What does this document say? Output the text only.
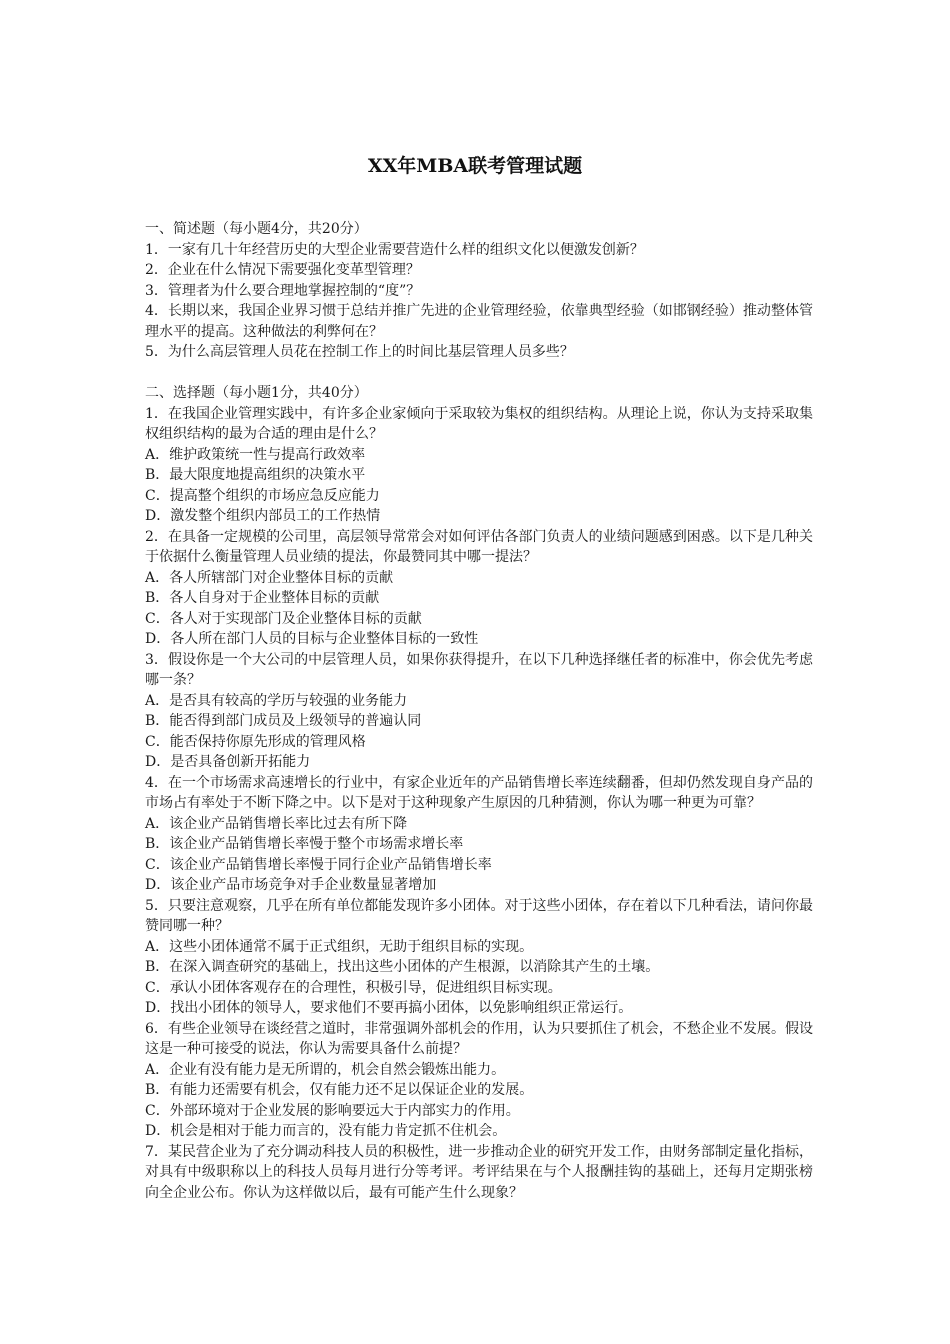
XX年MBA联考管理试题

一、简述题（每小题4分，共20分）

1．一家有几十年经营历史的大型企业需要营造什么样的组织文化以便激发创新？

2．企业在什么情况下需要强化变革型管理？

3．管理者为什么要合理地掌握控制的“度”？

4．长期以来，我国企业界习惯于总结并推广先进的企业管理经验，依靠典型经验（如邯钢经验）推动整体管理水平的提高。这种做法的利弊何在？

5．为什么高层管理人员花在控制工作上的时间比基层管理人员多些？

二、选择题（每小题1分，共40分）

1．在我国企业管理实践中，有许多企业家倾向于采取较为集权的组织结构。从理论上说，你认为支持采取集权组织结构的最为合适的理由是什么？

A．维护政策统一性与提高行政效率

B．最大限度地提高组织的决策水平

C．提高整个组织的市场应急反应能力

D．激发整个组织内部员工的工作热情

2．在具备一定规模的公司里，高层领导常常会对如何评估各部门负责人的业绩问题感到困惑。以下是几种关于依据什么衡量管理人员业绩的提法，你最赞同其中哪一提法？

A．各人所辖部门对企业整体目标的贡献

B．各人自身对于企业整体目标的贡献

C．各人对于实现部门及企业整体目标的贡献

D．各人所在部门人员的目标与企业整体目标的一致性

3．假设你是一个大公司的中层管理人员，如果你获得提升，在以下几种选择继任者的标准中，你会优先考虑哪一条？

A．是否具有较高的学历与较强的业务能力

B．能否得到部门成员及上级领导的普遍认同

C．能否保持你原先形成的管理风格

D．是否具备创新开拓能力

4．在一个市场需求高速增长的行业中，有家企业近年的产品销售增长率连续翻番，但却仍然发现自身产品的市场占有率处于不断下降之中。以下是对于这种现象产生原因的几种猜测，你认为哪一种更为可靠？

A．该企业产品销售增长率比过去有所下降

B．该企业产品销售增长率慢于整个市场需求增长率

C．该企业产品销售增长率慢于同行企业产品销售增长率

D．该企业产品市场竞争对手企业数量显著增加

5．只要注意观察，几乎在所有单位都能发现许多小团体。对于这些小团体，存在着以下几种看法，请问你最赞同哪一种？

A．这些小团体通常不属于正式组织，无助于组织目标的实现。

B．在深入调查研究的基础上，找出这些小团体的产生根源，以消除其产生的土壤。

C．承认小团体客观存在的合理性，积极引导，促进组织目标实现。

D．找出小团体的领导人，要求他们不要再搞小团体，以免影响组织正常运行。

6．有些企业领导在谈经营之道时，非常强调外部机会的作用，认为只要抓住了机会，不愁企业不发展。假设这是一种可接受的说法，你认为需要具备什么前提？

A．企业有没有能力是无所谓的，机会自然会锻炼出能力。

B．有能力还需要有机会，仅有能力还不足以保证企业的发展。

C．外部环境对于企业发展的影响要远大于内部实力的作用。

D．机会是相对于能力而言的，没有能力肯定抓不住机会。

7．某民营企业为了充分调动科技人员的积极性，进一步推动企业的研究开发工作，由财务部制定量化指标，对具有中级职称以上的科技人员每月进行分等考评。考评结果在与个人报酬挂钩的基础上，还每月定期张榜向全企业公布。你认为这样做以后，最有可能产生什么现象？
